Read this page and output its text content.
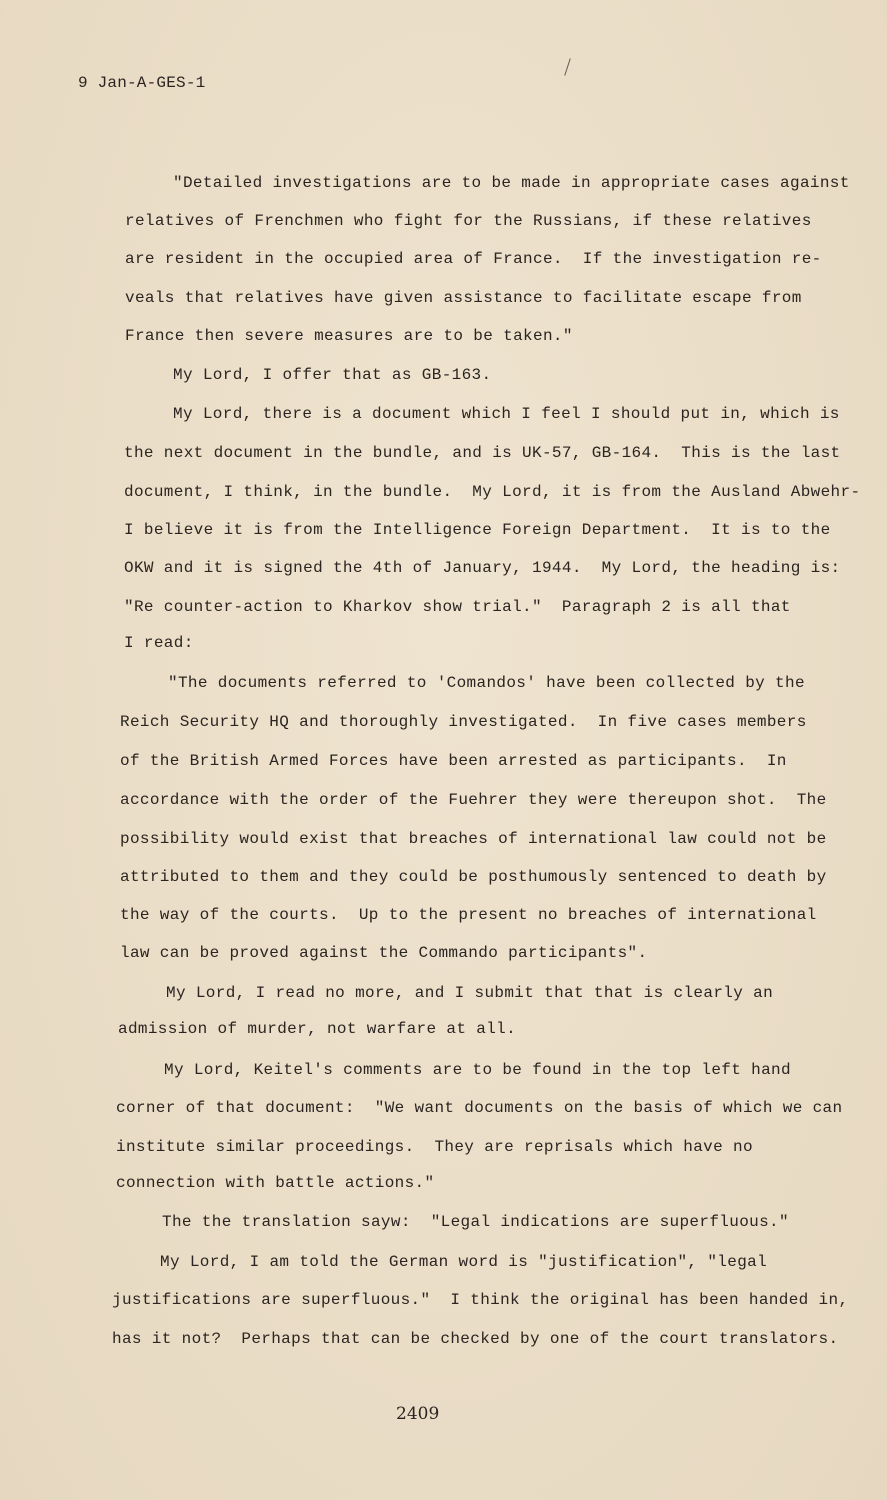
9 Jan-A-GES-1
"Detailed investigations are to be made in appropriate cases against
relatives of Frenchmen who fight for the Russians, if these relatives
are resident in the occupied area of France.  If the investigation re-
veals that relatives have given assistance to facilitate escape from
France then severe measures are to be taken."
My Lord, I offer that as GB-163.
My Lord, there is a document which I feel I should put in, which is
the next document in the bundle, and is UK-57, GB-164.  This is the last
document, I think, in the bundle.  My Lord, it is from the Ausland Abwehr-
I believe it is from the Intelligence Foreign Department.  It is to the
OKW and it is signed the 4th of January, 1944.  My Lord, the heading is:
"Re counter-action to Kharkov show trial."  Paragraph 2 is all that
I read:
"The documents referred to 'Comandos' have been collected by the
Reich Security HQ and thoroughly investigated.  In five cases members
of the British Armed Forces have been arrested as participants.  In
accordance with the order of the Fuehrer they were thereupon shot.  The
possibility would exist that breaches of international law could not be
attributed to them and they could be posthumously sentenced to death by
the way of the courts.  Up to the present no breaches of international
law can be proved against the Commando participants".
My Lord, I read no more, and I submit that that is clearly an
admission of murder, not warfare at all.
My Lord, Keitel's comments are to be found in the top left hand
corner of that document:  "We want documents on the basis of which we can
institute similar proceedings.  They are reprisals which have no
connection with battle actions."
The the translation sayw:  "Legal indications are superfluous."
My Lord, I am told the German word is "justification", "legal
justifications are superfluous."  I think the original has been handed in,
has it not?  Perhaps that can be checked by one of the court translators.
2409
